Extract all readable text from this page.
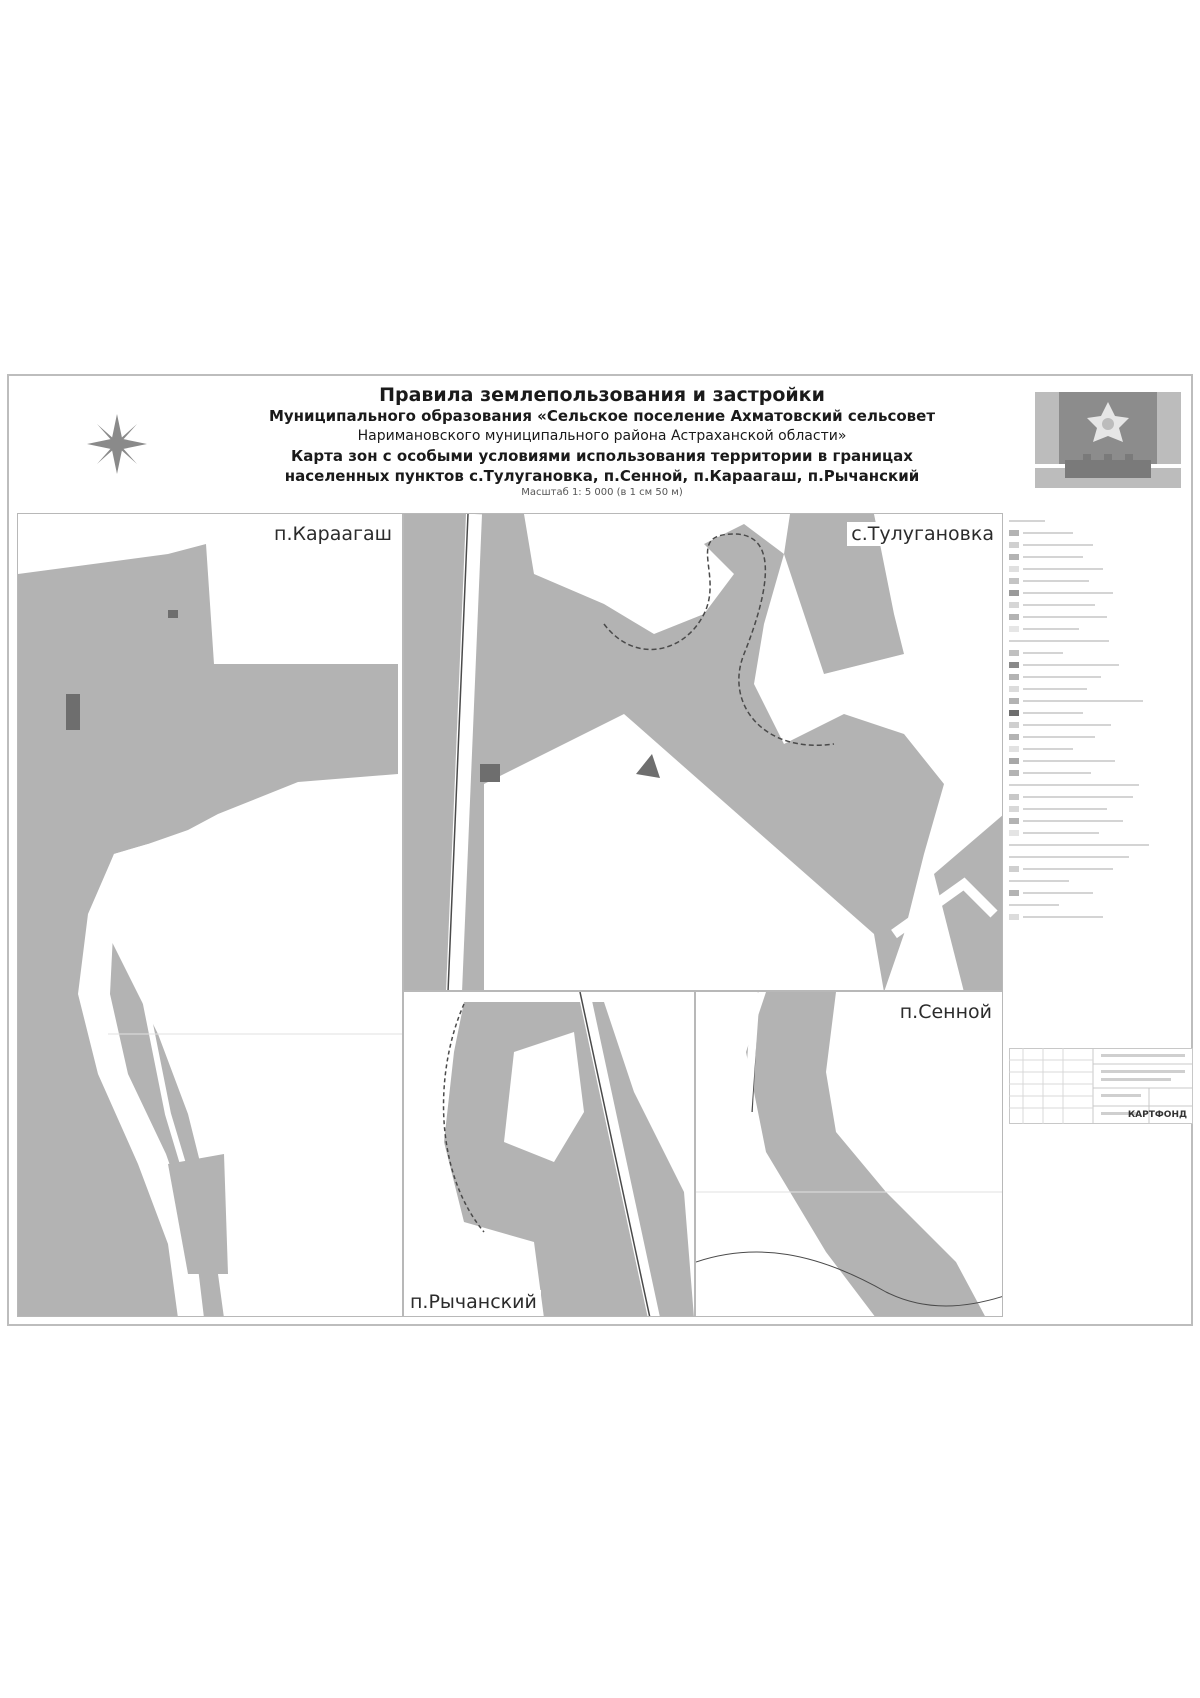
Правила землепользования и застройки
Муниципального образования «Сельское поселение Ахматовский сельсовет
Наримановского муниципального района Астраханской области»
Карта зон с особыми условиями использования территории в границах
населенных пунктов с.Тулугановка, п.Сенной, п.Караагаш, п.Рычанский
Масштаб 1: 5 000 (в 1 см 50 м)
п.Караагаш	с.Тулугановка
п.Рычанский
п.Сенной
КАРТФОНД
